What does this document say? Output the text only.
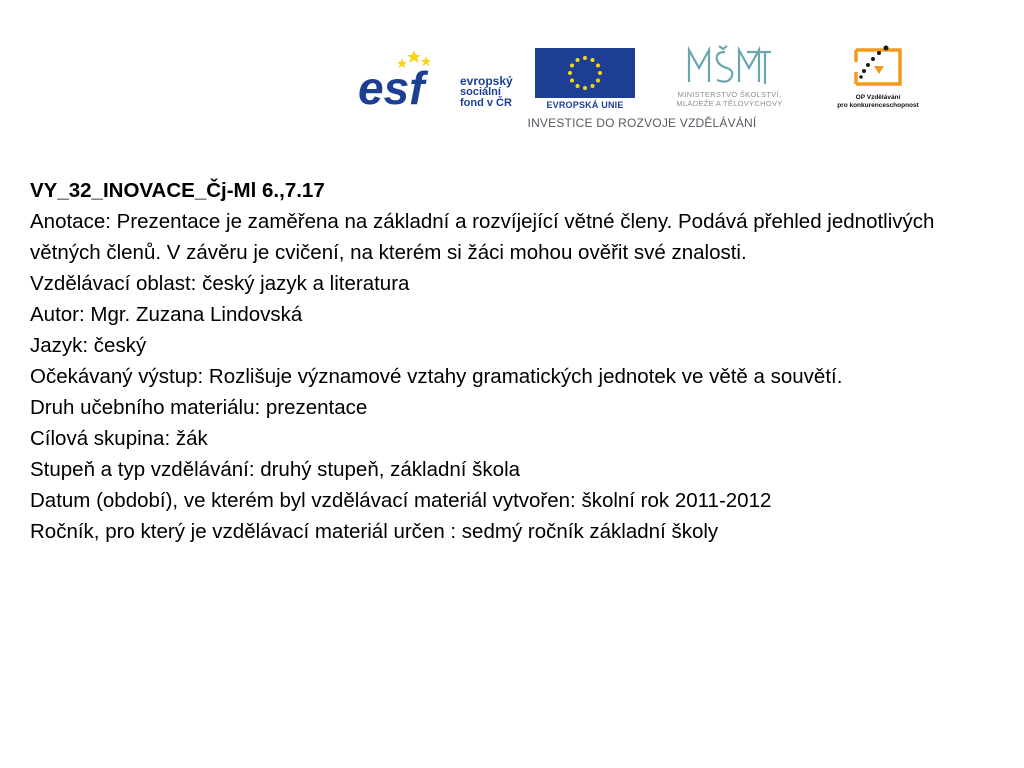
esf	evropský
sociální
fond v ČR	EVROPSKÁ UNIE
MINISTERSTVO ŠKOLSTVÍ,
MLÁDEŽE A TĚLOVÝCHOVY
OP Vzdělávání
pro konkurenceschopnost
INVESTICE DO ROZVOJE VZDĚLÁVÁNÍ
VY_32_INOVACE_Čj-Ml 6.,7.17
Anotace: Prezentace je zaměřena na základní a rozvíjející větné členy. Podává přehled jednotlivých větných členů. V závěru je cvičení, na kterém si žáci mohou ověřit své znalosti.
Vzdělávací oblast: český jazyk a literatura
Autor: Mgr. Zuzana Lindovská
Jazyk: český
Očekávaný výstup: Rozlišuje významové vztahy gramatických jednotek ve větě a souvětí.
Druh učebního materiálu: prezentace
Cílová skupina: žák
Stupeň a typ vzdělávání: druhý stupeň, základní škola
Datum (období), ve kterém byl vzdělávací materiál vytvořen: školní rok 2011-2012
Ročník, pro který je vzdělávací materiál určen : sedmý ročník základní školy
